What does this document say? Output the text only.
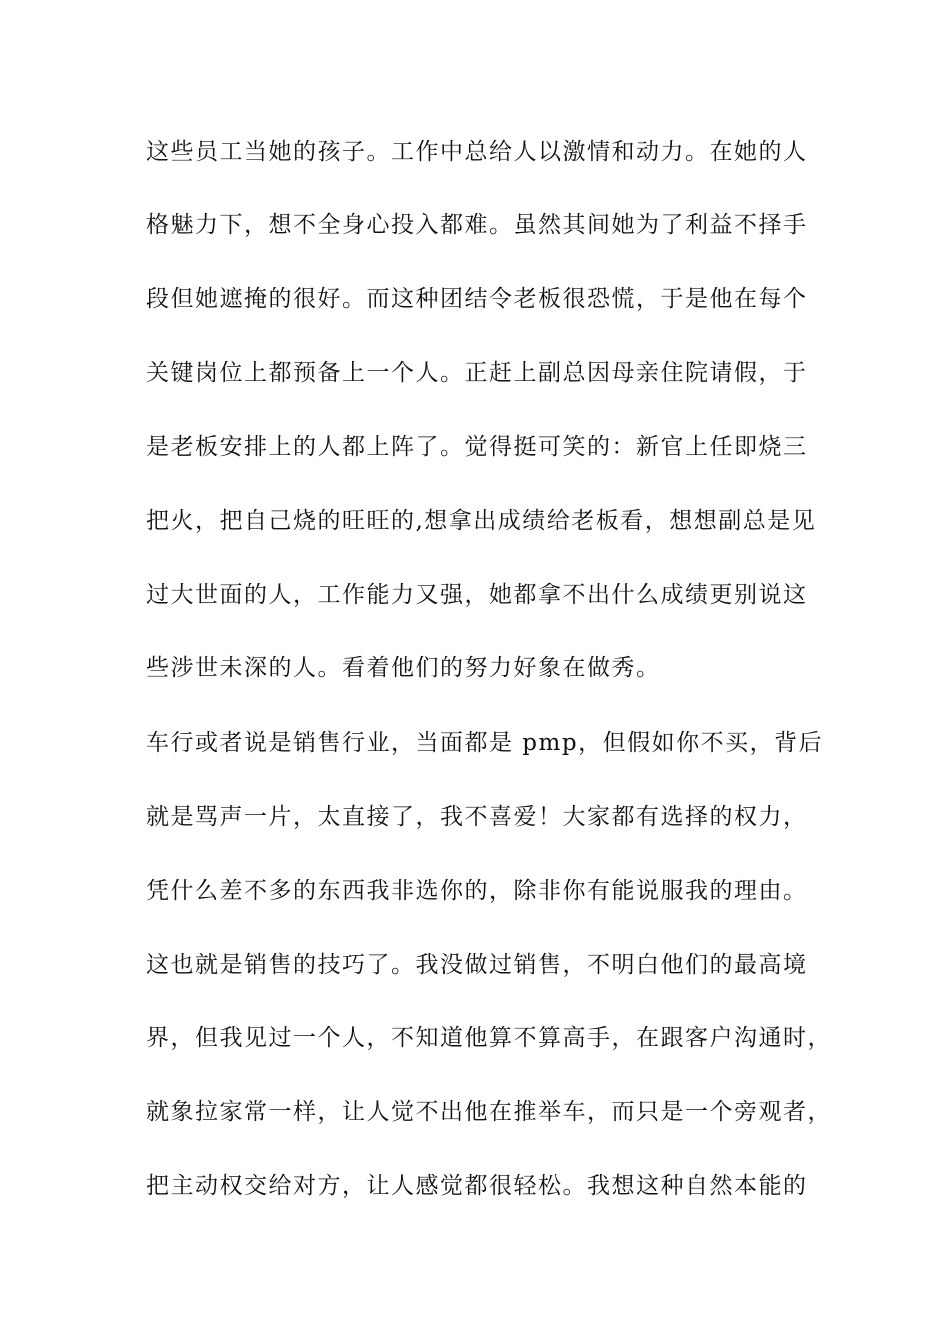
这些员工当她的孩子。工作中总给人以激情和动力。在她的人
格魅力下，想不全身心投入都难。虽然其间她为了利益不择手
段但她遮掩的很好。而这种团结令老板很恐慌，于是他在每个
关键岗位上都预备上一个人。正赶上副总因母亲住院请假，于
是老板安排上的人都上阵了。觉得挺可笑的：新官上任即烧三
把火，把自己烧的旺旺的,想拿出成绩给老板看，想想副总是见
过大世面的人，工作能力又强，她都拿不出什么成绩更别说这
些涉世未深的人。看着他们的努力好象在做秀。
车行或者说是销售行业，当面都是 pmp，但假如你不买，背后
就是骂声一片，太直接了，我不喜爱！大家都有选择的权力，
凭什么差不多的东西我非选你的，除非你有能说服我的理由。
这也就是销售的技巧了。我没做过销售，不明白他们的最高境
界，但我见过一个人，不知道他算不算高手，在跟客户沟通时，
就象拉家常一样，让人觉不出他在推举车，而只是一个旁观者，
把主动权交给对方，让人感觉都很轻松。我想这种自然本能的
